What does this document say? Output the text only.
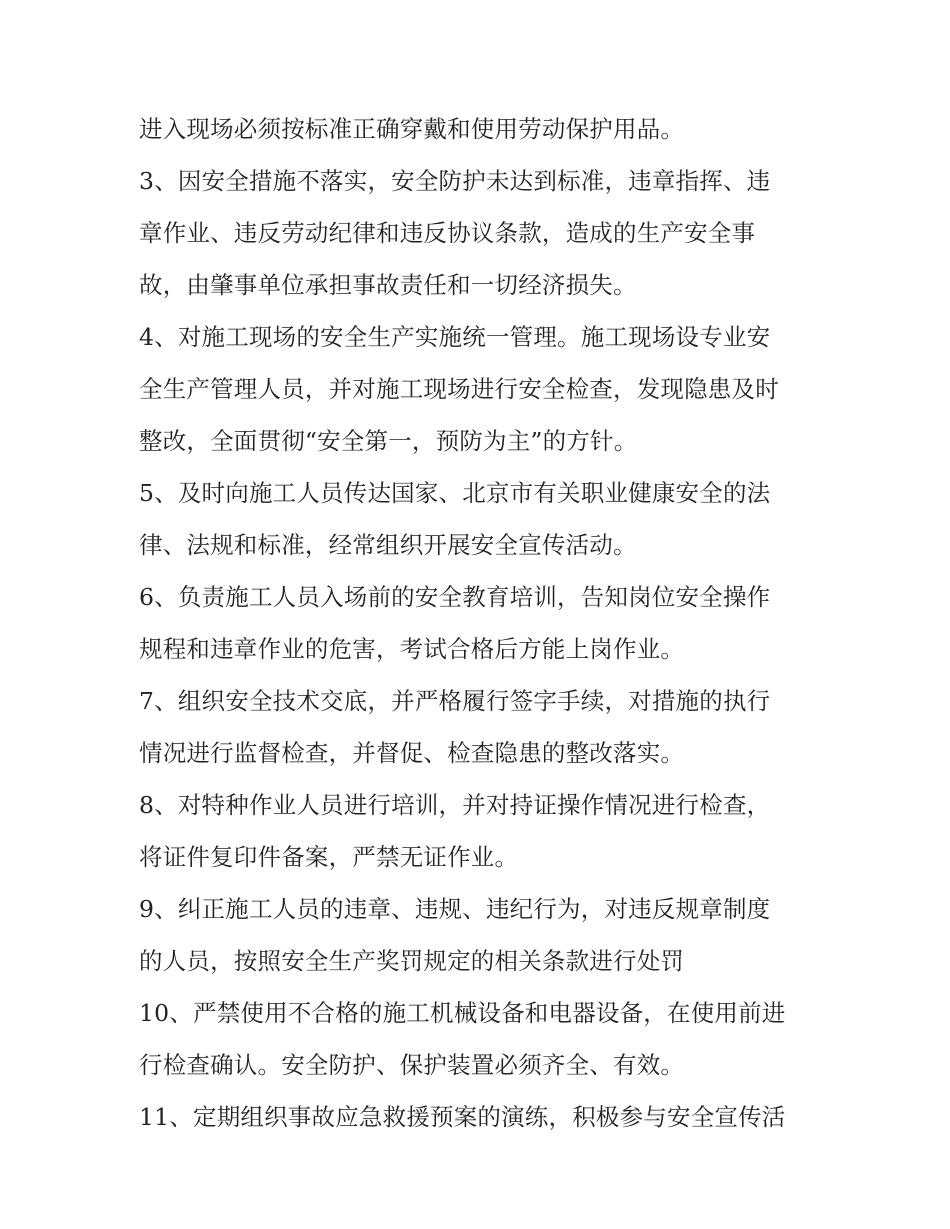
进入现场必须按标准正确穿戴和使用劳动保护用品。
3、因安全措施不落实，安全防护未达到标准，违章指挥、违
章作业、违反劳动纪律和违反协议条款，造成的生产安全事
故，由肇事单位承担事故责任和一切经济损失。
4、对施工现场的安全生产实施统一管理。施工现场设专业安
全生产管理人员，并对施工现场进行安全检查，发现隐患及时
整改，全面贯彻“安全第一，预防为主”的方针。
5、及时向施工人员传达国家、北京市有关职业健康安全的法
律、法规和标准，经常组织开展安全宣传活动。
6、负责施工人员入场前的安全教育培训，告知岗位安全操作
规程和违章作业的危害，考试合格后方能上岗作业。
7、组织安全技术交底，并严格履行签字手续，对措施的执行
情况进行监督检查，并督促、检查隐患的整改落实。
8、对特种作业人员进行培训，并对持证操作情况进行检查，
将证件复印件备案，严禁无证作业。
9、纠正施工人员的违章、违规、违纪行为，对违反规章制度
的人员，按照安全生产奖罚规定的相关条款进行处罚
10、严禁使用不合格的施工机械设备和电器设备，在使用前进
行检查确认。安全防护、保护装置必须齐全、有效。
11、定期组织事故应急救援预案的演练，积极参与安全宣传活
